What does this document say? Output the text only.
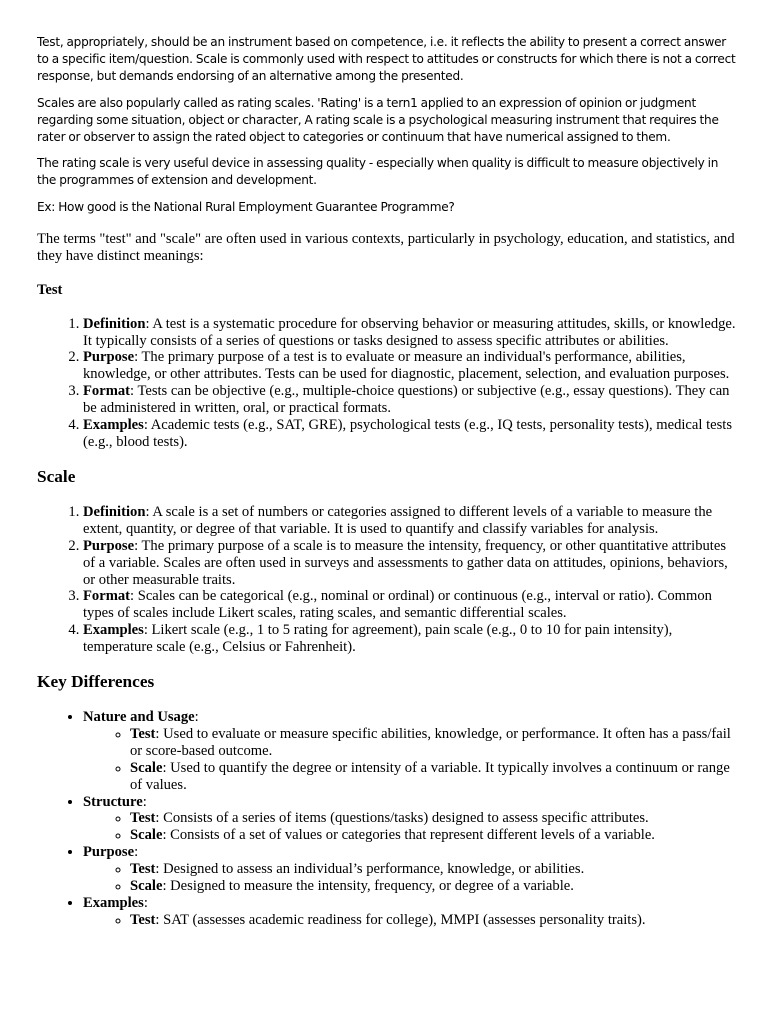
Test, appropriately, should be an instrument based on competence, i.e. it reflects the ability to present a correct answer to a specific item/question. Scale is commonly used with respect to attitudes or constructs for which there is not a correct response, but demands endorsing of an alternative among the presented.

Scales are also popularly called as rating scales. 'Rating' is a tern1 applied to an expression of opinion or judgment regarding some situation, object or character, A rating scale is a psychological measuring instrument that requires the rater or observer to assign the rated object to categories or continuum that have numerical assigned to them.

The rating scale is very useful device in assessing quality - especially when quality is difficult to measure objectively in the programmes of extension and development.

Ex: How good is the National Rural Employment Guarantee Programme?

The terms "test" and "scale" are often used in various contexts, particularly in psychology, education, and statistics, and they have distinct meanings:

Test
1. Definition: A test is a systematic procedure for observing behavior or measuring attitudes, skills, or knowledge. It typically consists of a series of questions or tasks designed to assess specific attributes or abilities.
2. Purpose: The primary purpose of a test is to evaluate or measure an individual's performance, abilities, knowledge, or other attributes. Tests can be used for diagnostic, placement, selection, and evaluation purposes.
3. Format: Tests can be objective (e.g., multiple-choice questions) or subjective (e.g., essay questions). They can be administered in written, oral, or practical formats.
4. Examples: Academic tests (e.g., SAT, GRE), psychological tests (e.g., IQ tests, personality tests), medical tests (e.g., blood tests).
Scale
1. Definition: A scale is a set of numbers or categories assigned to different levels of a variable to measure the extent, quantity, or degree of that variable. It is used to quantify and classify variables for analysis.
2. Purpose: The primary purpose of a scale is to measure the intensity, frequency, or other quantitative attributes of a variable. Scales are often used in surveys and assessments to gather data on attitudes, opinions, behaviors, or other measurable traits.
3. Format: Scales can be categorical (e.g., nominal or ordinal) or continuous (e.g., interval or ratio). Common types of scales include Likert scales, rating scales, and semantic differential scales.
4. Examples: Likert scale (e.g., 1 to 5 rating for agreement), pain scale (e.g., 0 to 10 for pain intensity), temperature scale (e.g., Celsius or Fahrenheit).
Key Differences
• Nature and Usage:
◦ Test: Used to evaluate or measure specific abilities, knowledge, or performance. It often has a pass/fail or score-based outcome.
◦ Scale: Used to quantify the degree or intensity of a variable. It typically involves a continuum or range of values.
• Structure:
◦ Test: Consists of a series of items (questions/tasks) designed to assess specific attributes.
◦ Scale: Consists of a set of values or categories that represent different levels of a variable.
• Purpose:
◦ Test: Designed to assess an individual’s performance, knowledge, or abilities.
◦ Scale: Designed to measure the intensity, frequency, or degree of a variable.
• Examples:
◦ Test: SAT (assesses academic readiness for college), MMPI (assesses personality traits).
